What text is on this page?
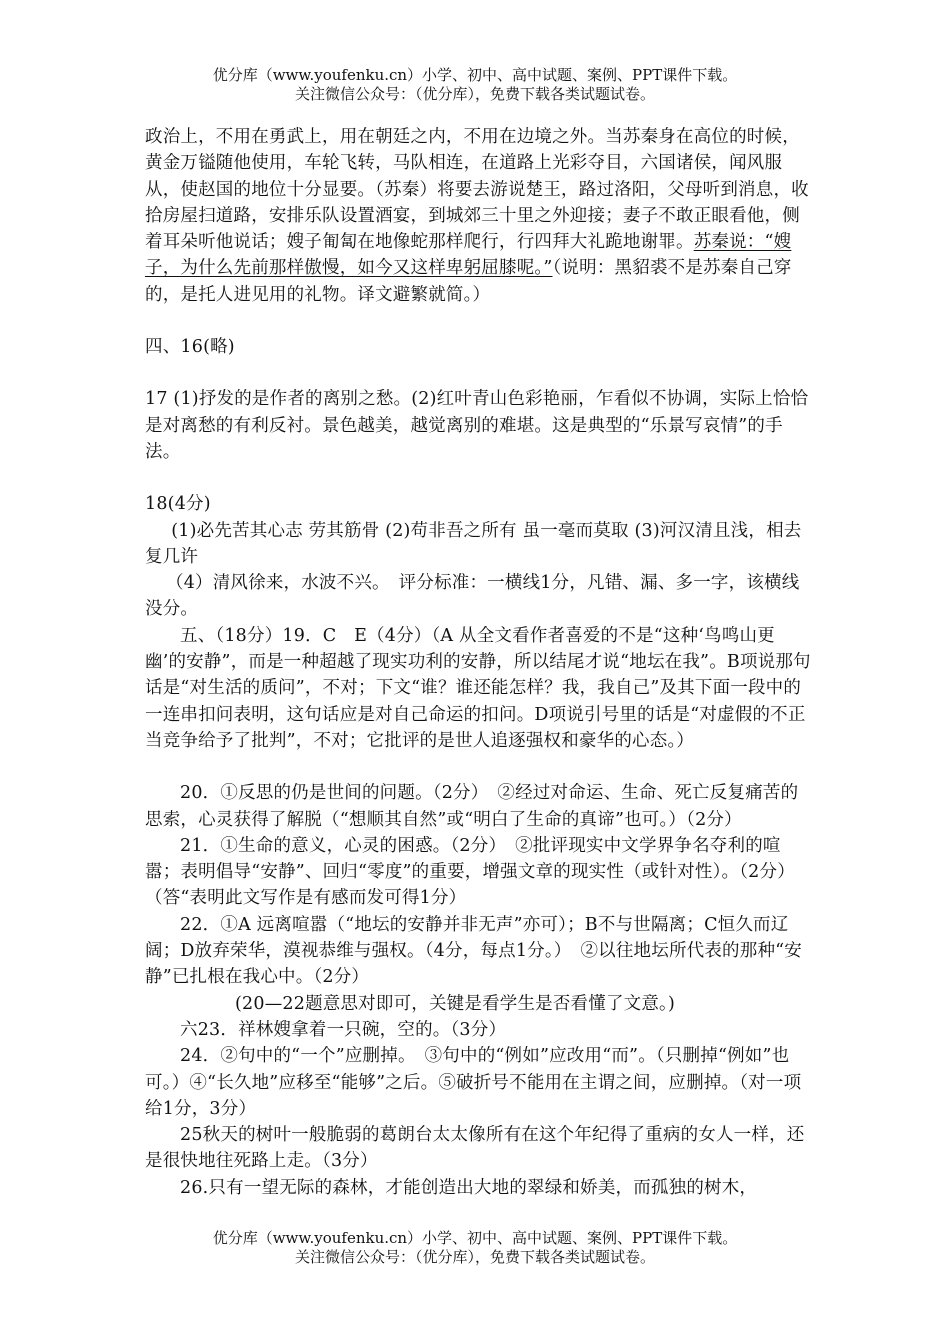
优分库（www.youfenku.cn）小学、初中、高中试题、案例、PPT课件下载。
关注微信公众号：（优分库），免费下载各类试题试卷。

政治上，不用在勇武上，用在朝廷之内，不用在边境之外。当苏秦身在高位的时候，黄金万镒随他使用，车轮飞转，马队相连，在道路上光彩夺目，六国诸侯，闻风服从，使赵国的地位十分显要。（苏秦）将要去游说楚王，路过洛阳，父母听到消息，收拾房屋扫道路，安排乐队设置酒宴，到城郊三十里之外迎接；妻子不敢正眼看他，侧着耳朵听他说话；嫂子匍匐在地像蛇那样爬行，行四拜大礼跪地谢罪。苏秦说：“嫂子，为什么先前那样傲慢，如今又这样卑躬屈膝呢。”（说明：黑貂裘不是苏秦自己穿的，是托人进见用的礼物。译文避繁就简。）

四、16(略)

17 (1)抒发的是作者的离别之愁。(2)红叶青山色彩艳丽，乍看似不协调，实际上恰恰是对离愁的有利反衬。景色越美，越觉离别的难堪。这是典型的“乐景写哀情”的手法。

18(4分)

(1)必先苦其心志 劳其筋骨 (2)苟非吾之所有 虽一毫而莫取 (3)河汉清且浅，相去复几许

（4）清风徐来，水波不兴。　评分标准：一横线1分，凡错、漏、多一字，该横线没分。

五、（18分）19．C　E（4分）（A 从全文看作者喜爱的不是“这种‘鸟鸣山更幽’的安静”，而是一种超越了现实功利的安静，所以结尾才说“地坛在我”。B项说那句话是“对生活的质问”，不对；下文“谁？谁还能怎样？我，我自己”及其下面一段中的一连串扣问表明，这句话应是对自己命运的扣问。D项说引号里的话是“对虚假的不正当竞争给予了批判”，不对；它批评的是世人追逐强权和豪华的心态。）

20．①反思的仍是世间的问题。（2分）　②经过对命运、生命、死亡反复痛苦的思索，心灵获得了解脱（“想顺其自然”或“明白了生命的真谛”也可。）（2分）

21．①生命的意义，心灵的困惑。（2分）　②批评现实中文学界争名夺利的喧嚣；表明倡导“安静”、回归“零度”的重要，增强文章的现实性（或针对性）。（2分）（答“表明此文写作是有感而发可得1分）

22．①A 远离喧嚣（“地坛的安静并非无声”亦可）；B不与世隔离；C恒久而辽阔；D放弃荣华，漠视恭维与强权。（4分，每点1分。）　②以往地坛所代表的那种“安静”已扎根在我心中。（2分）

(20—22题意思对即可，关键是看学生是否看懂了文意。)

六23．祥林嫂拿着一只碗，空的。（3分）

24．②句中的“一个”应删掉。　③句中的“例如”应改用“而”。（只删掉“例如”也可。）④“长久地”应移至“能够”之后。⑤破折号不能用在主谓之间，应删掉。（对一项给1分，3分）

25秋天的树叶一般脆弱的葛朗台太太像所有在这个年纪得了重病的女人一样，还是很快地往死路上走。（3分）

26.只有一望无际的森林，才能创造出大地的翠绿和娇美，而孤独的树木，

优分库（www.youfenku.cn）小学、初中、高中试题、案例、PPT课件下载。
关注微信公众号：（优分库），免费下载各类试题试卷。
